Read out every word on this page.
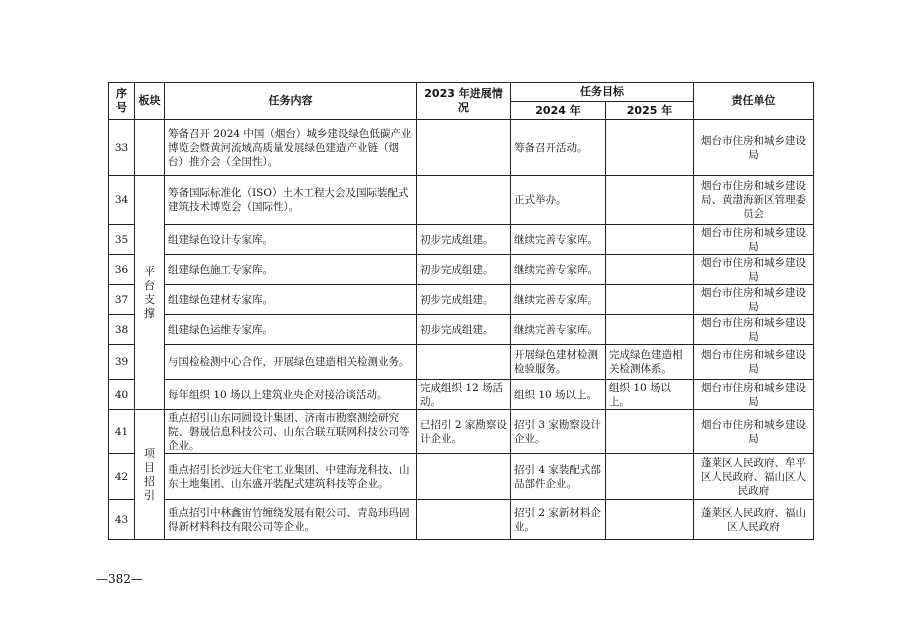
序号	板块	任务内容	2023 年进展情况	任务目标		责任单位
				2024 年	2025 年	
33		筹备召开 2024 中国（烟台）城乡建设绿色低碳产业博览会暨黄河流域高质量发展绿色建造产业链（烟台）推介会（全国性）。		筹备召开活动。		烟台市住房和城乡建设局
34	平台支撑	筹备国际标准化（ISO）土木工程大会及国际装配式建筑技术博览会（国际性）。		正式举办。		烟台市住房和城乡建设局、黄渤海新区管理委员会
35		组建绿色设计专家库。	初步完成组建。	继续完善专家库。		烟台市住房和城乡建设局
36		组建绿色施工专家库。	初步完成组建。	继续完善专家库。		烟台市住房和城乡建设局
37		组建绿色建材专家库。	初步完成组建。	继续完善专家库。		烟台市住房和城乡建设局
38		组建绿色运维专家库。	初步完成组建。	继续完善专家库。		烟台市住房和城乡建设局
39		与国检检测中心合作，开展绿色建造相关检测业务。		开展绿色建材检测检验服务。	完成绿色建造相关检测体系。	烟台市住房和城乡建设局
40		每年组织 10 场以上建筑业央企对接洽谈活动。	完成组织 12 场活动。	组织 10 场以上。	组织 10 场以上。	烟台市住房和城乡建设局
41	项目招引	重点招引山东同圆设计集团、济南市勘察测绘研究院、磐晟信息科技公司、山东合联互联网科技公司等企业。	已招引 2 家勘察设计企业。	招引 3 家勘察设计企业。		烟台市住房和城乡建设局
42		重点招引长沙远大住宅工业集团、中建海龙科技、山东土地集团、山东盛开装配式建筑科技等企业。		招引 4 家装配式部品部件企业。		蓬莱区人民政府、牟平区人民政府、福山区人民政府
43		重点招引中林鑫宙竹缠绕发展有限公司、青岛玮玛固得新材料科技有限公司等企业。		招引 2 家新材料企业。		蓬莱区人民政府、福山区人民政府
—382—
